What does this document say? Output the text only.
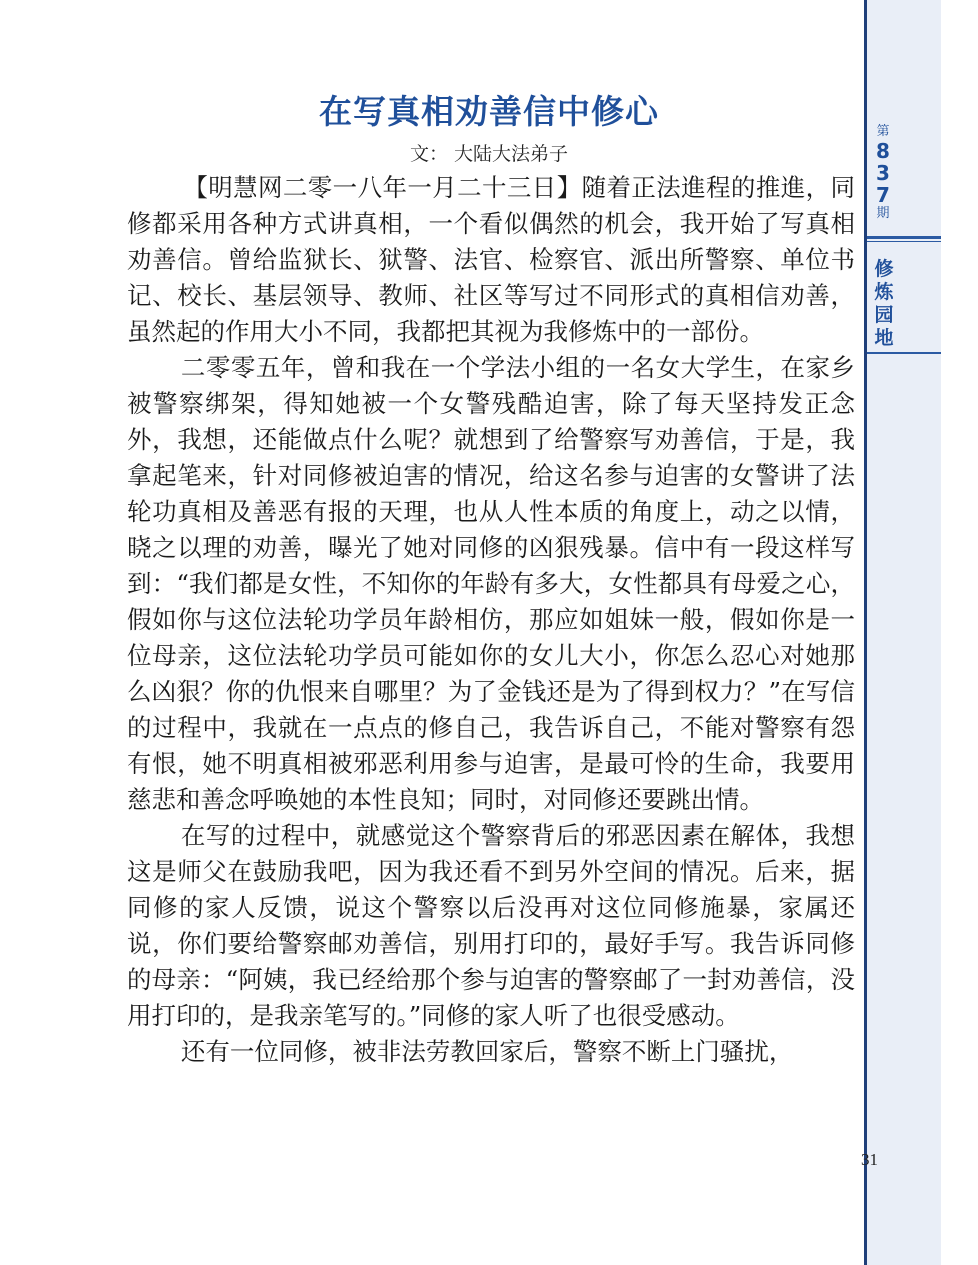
第
8
3
7
期
修
炼
园
地
在写真相劝善信中修心
文： 大陆大法弟子

【明慧网二零一八年一月二十三日】随着正法進程的推進，同修都采用各种方式讲真相，一个看似偶然的机会，我开始了写真相劝善信。曾给监狱长、狱警、法官、检察官、派出所警察、单位书记、校长、基层领导、教师、社区等写过不同形式的真相信劝善，虽然起的作用大小不同，我都把其视为我修炼中的一部份。

二零零五年，曾和我在一个学法小组的一名女大学生，在家乡被警察绑架，得知她被一个女警残酷迫害，除了每天坚持发正念外，我想，还能做点什么呢？就想到了给警察写劝善信，于是，我拿起笔来，针对同修被迫害的情况，给这名参与迫害的女警讲了法轮功真相及善恶有报的天理，也从人性本质的角度上，动之以情，晓之以理的劝善，曝光了她对同修的凶狠残暴。信中有一段这样写到：“我们都是女性，不知你的年龄有多大，女性都具有母爱之心，假如你与这位法轮功学员年龄相仿，那应如姐妹一般，假如你是一位母亲，这位法轮功学员可能如你的女儿大小，你怎么忍心对她那么凶狠？你的仇恨来自哪里？为了金钱还是为了得到权力？”在写信的过程中，我就在一点点的修自己，我告诉自己，不能对警察有怨有恨，她不明真相被邪恶利用参与迫害，是最可怜的生命，我要用慈悲和善念呼唤她的本性良知；同时，对同修还要跳出情。

在写的过程中，就感觉这个警察背后的邪恶因素在解体，我想这是师父在鼓励我吧，因为我还看不到另外空间的情况。后来，据同修的家人反馈，说这个警察以后没再对这位同修施暴，家属还说，你们要给警察邮劝善信，别用打印的，最好手写。我告诉同修的母亲：“阿姨，我已经给那个参与迫害的警察邮了一封劝善信，没用打印的，是我亲笔写的。”同修的家人听了也很受感动。

还有一位同修，被非法劳教回家后，警察不断上门骚扰，

31
